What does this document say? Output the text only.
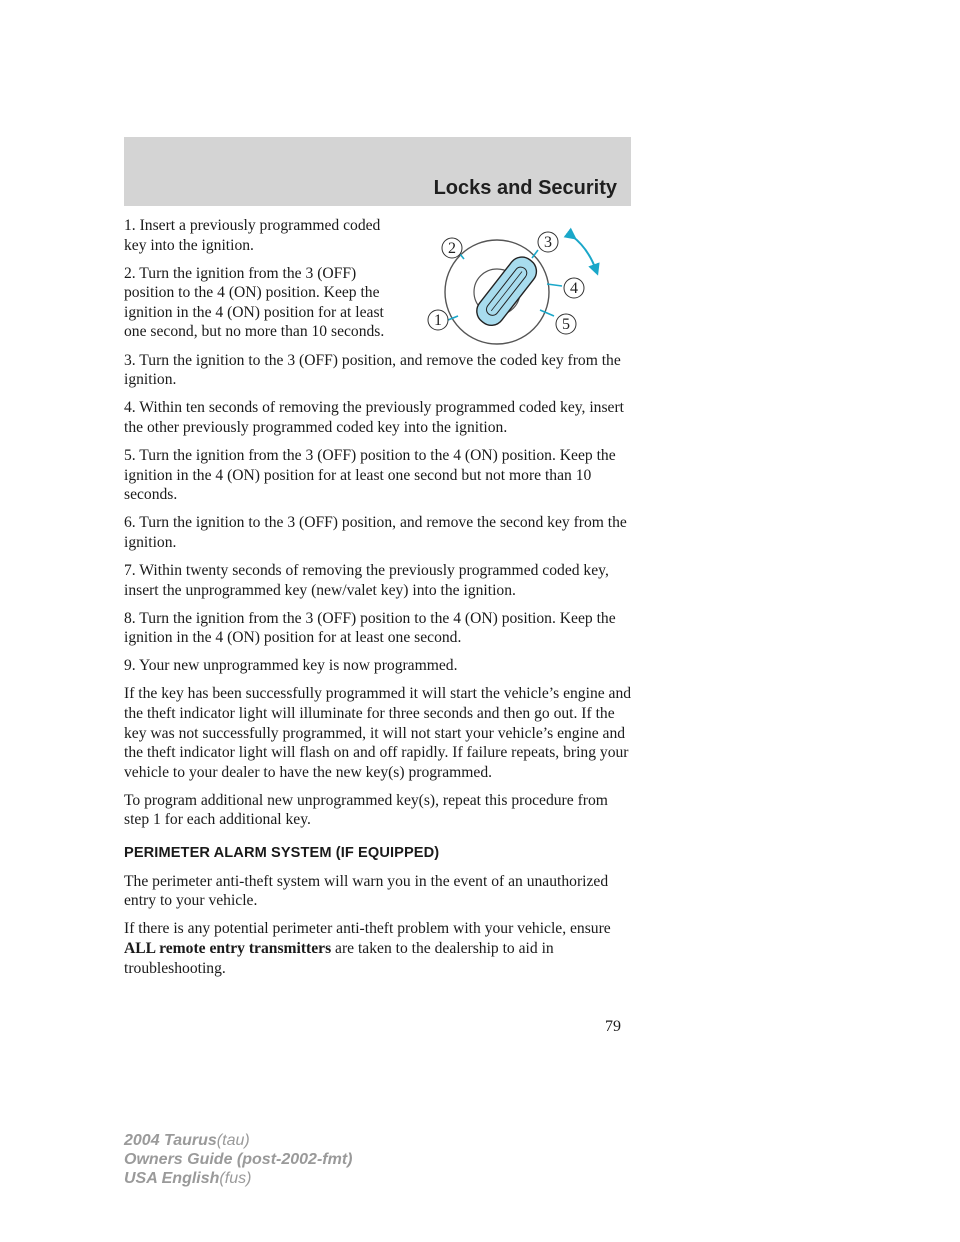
Locks and Security
2	3
4
1	5

1. Insert a previously programmed coded key into the ignition.

2. Turn the ignition from the 3 (OFF) position to the 4 (ON) position. Keep the ignition in the 4 (ON) position for at least one second, but no more than 10 seconds.

3. Turn the ignition to the 3 (OFF) position, and remove the coded key from the ignition.

4. Within ten seconds of removing the previously programmed coded key, insert the other previously programmed coded key into the ignition.

5. Turn the ignition from the 3 (OFF) position to the 4 (ON) position. Keep the ignition in the 4 (ON) position for at least one second but not more than 10 seconds.

6. Turn the ignition to the 3 (OFF) position, and remove the second key from the ignition.

7. Within twenty seconds of removing the previously programmed coded key, insert the unprogrammed key (new/valet key) into the ignition.

8. Turn the ignition from the 3 (OFF) position to the 4 (ON) position. Keep the ignition in the 4 (ON) position for at least one second.

9. Your new unprogrammed key is now programmed.

If the key has been successfully programmed it will start the vehicle’s engine and the theft indicator light will illuminate for three seconds and then go out. If the key was not successfully programmed, it will not start your vehicle’s engine and the theft indicator light will flash on and off rapidly. If failure repeats, bring your vehicle to your dealer to have the new key(s) programmed.

To program additional new unprogrammed key(s), repeat this procedure from step 1 for each additional key.

PERIMETER ALARM SYSTEM (IF EQUIPPED)

The perimeter anti-theft system will warn you in the event of an unauthorized entry to your vehicle.

If there is any potential perimeter anti-theft problem with your vehicle, ensure ALL remote entry transmitters are taken to the dealership to aid in troubleshooting.

79
2004 Taurus(tau)
Owners Guide (post-2002-fmt)
USA English(fus)
